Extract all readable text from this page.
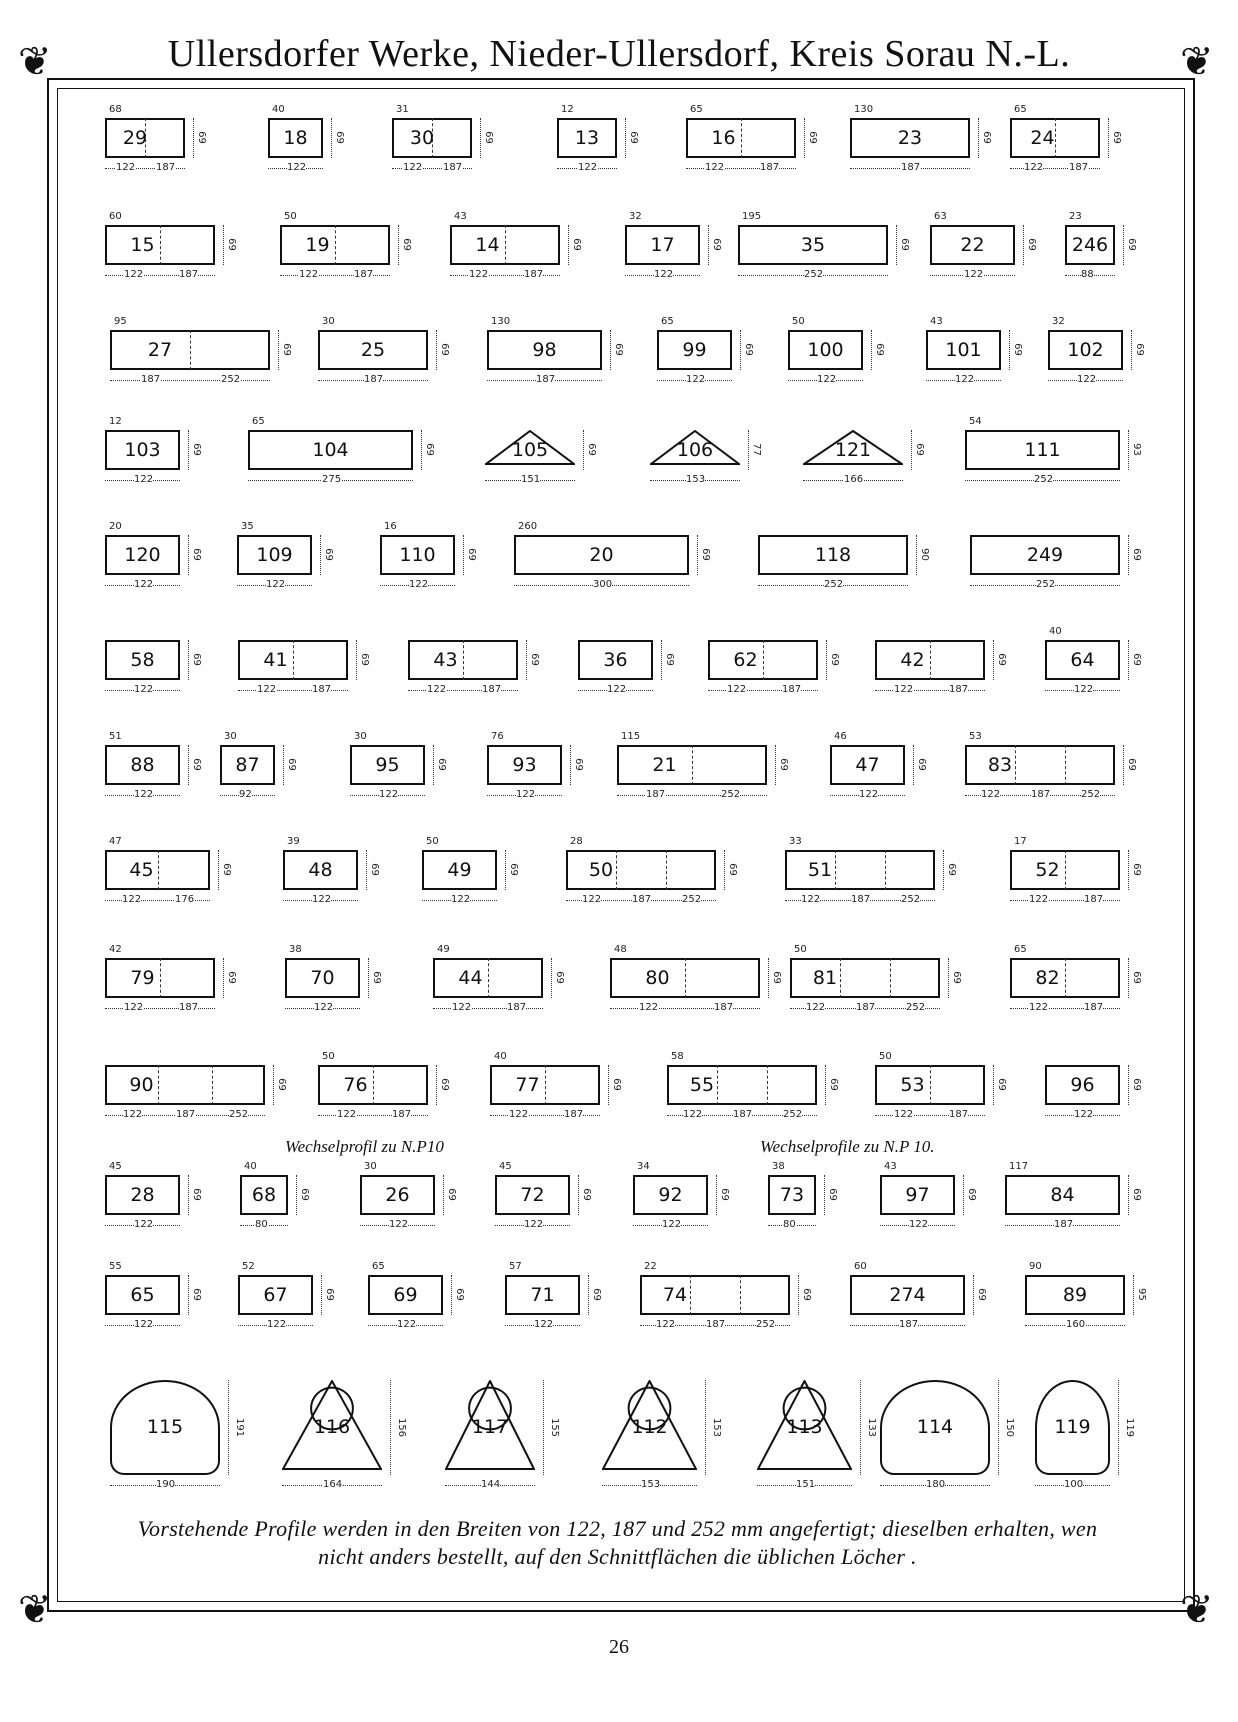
❦	❦
❦	❦
Ullersdorfer Werke, Nieder-Ullersdorf, Kreis Sorau N.-L.
29
68
122 187
69	18
40
122
69	30
31
122 187
69	13
12
122
69	16
65
122	187
69	23
130
187
69	24
65
122	187
69
15
60
122	187
69	19
50
122	187
69	14
43
122	187
69	17
32
122
69	35
195
252
69	22
63
122
69	246
23
88
69
27
95
187	252
69	25
30
187
69	98
130
187
69	99
65
122
69	100
50
122
69	101
43
122
69	102
32
122
69
103
12
122
69	104
65
275
69	105
151
69	106
153
77	121
166
69	111
54
252
93
120
20
122
69	109
35
122
69	110
16
122
69	20
260
300
69	118
252
90	249
252
69
58
122
69	41
122	187
69	43
122	187
69	36
122
69	62
122	187
69	42
122	187
69	64
40
122
69
88
51
122
69	87
30
92
69	95
30
122
69	93
76
122
69	21
115
187	252
69	47
46
122
69	83
53
122	187	252
69
45
47
122	176
69	48
39
122
69	49
50
122
69	50
28
122	187	252
69	51
33
122	187	252
69	52
17
122	187
69
79
42
122	187
69	70
38
122
69	44
49
122	187
69	80
48
122	187
69	81
50
122	187	252
69	82
65
122	187
69
90
122	187	252
69	76
50
122	187
69	77
40
122	187
69	55
58
122	187	252
69	53
50
122	187
69	96
122
69
28
45
122
69	68
40
80
69	26
30
122
69	72
45
122
69	92
34
122
69	73
38
80
69	97
43
122
69	84
117
187
69
65
55
122
69	67
52
122
69	69
65
122
69	71
57
122
69	74
22
122	187	252
69	274
60
187
69	89
90
160
95
115
190
191	116
164
156	117
144
155	112
153
153	113
151
133	114
180
150	119
100
119
Wechselprofil zu N.P10	Wechselprofile zu N.P 10.
Vorstehende Profile werden in den Breiten von 122, 187 und 252 mm angefertigt; dieselben erhalten, wen
nicht anders bestellt, auf den Schnittflächen die üblichen Löcher .
26
